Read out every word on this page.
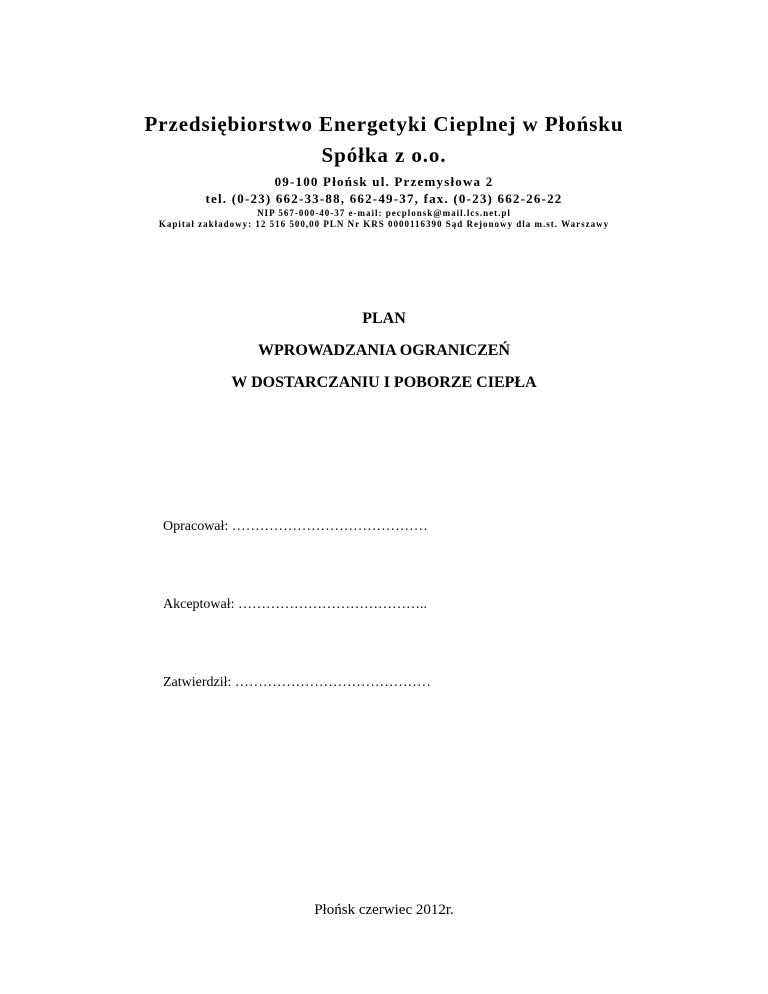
Przedsiębiorstwo Energetyki Cieplnej w Płońsku
Spółka z o.o.
09-100 Płońsk ul. Przemysłowa 2
tel. (0-23) 662-33-88, 662-49-37, fax. (0-23) 662-26-22
NIP 567-000-40-37 e-mail: pecplonsk@mail.lcs.net.pl
Kapitał zakładowy: 12 516 500,00 PLN Nr KRS 0000116390 Sąd Rejonowy dla m.st. Warszawy
PLAN
WPROWADZANIA OGRANICZEŃ
W DOSTARCZANIU I POBORZE CIEPŁA
Opracował: ……………………………………
Akceptował: …………………………………..
Zatwierdził: ……………………………………
Płońsk czerwiec 2012r.
